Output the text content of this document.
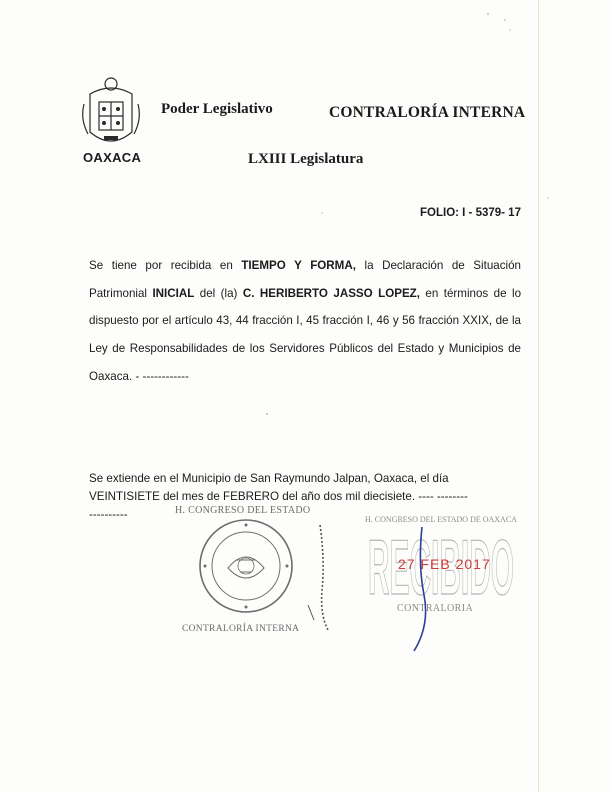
OAXACA
Poder Legislativo	CONTRALORÍA INTERNA
LXIII Legislatura
FOLIO: I - 5379- 17

Se tiene por recibida en TIEMPO Y FORMA, la Declaración de Situación Patrimonial INICIAL del (la) C. HERIBERTO JASSO LOPEZ, en términos de lo dispuesto por el artículo 43, 44 fracción I, 45 fracción I, 46 y 56 fracción XXIX, de la Ley de Responsabilidades de los Servidores Públicos del Estado y Municipios de Oaxaca. - ------------

Se extiende en el Municipio de San Raymundo Jalpan, Oaxaca, el día VEINTISIETE del mes de FEBRERO del año dos mil diecisiete. ---- --------
----------	H. CONGRESO DEL ESTADO
CONTRALORÍA INTERNA
H. CONGRESO DEL ESTADO DE OAXACA
RECIBIDO
27 FEB 2017
CONTRALORIA
